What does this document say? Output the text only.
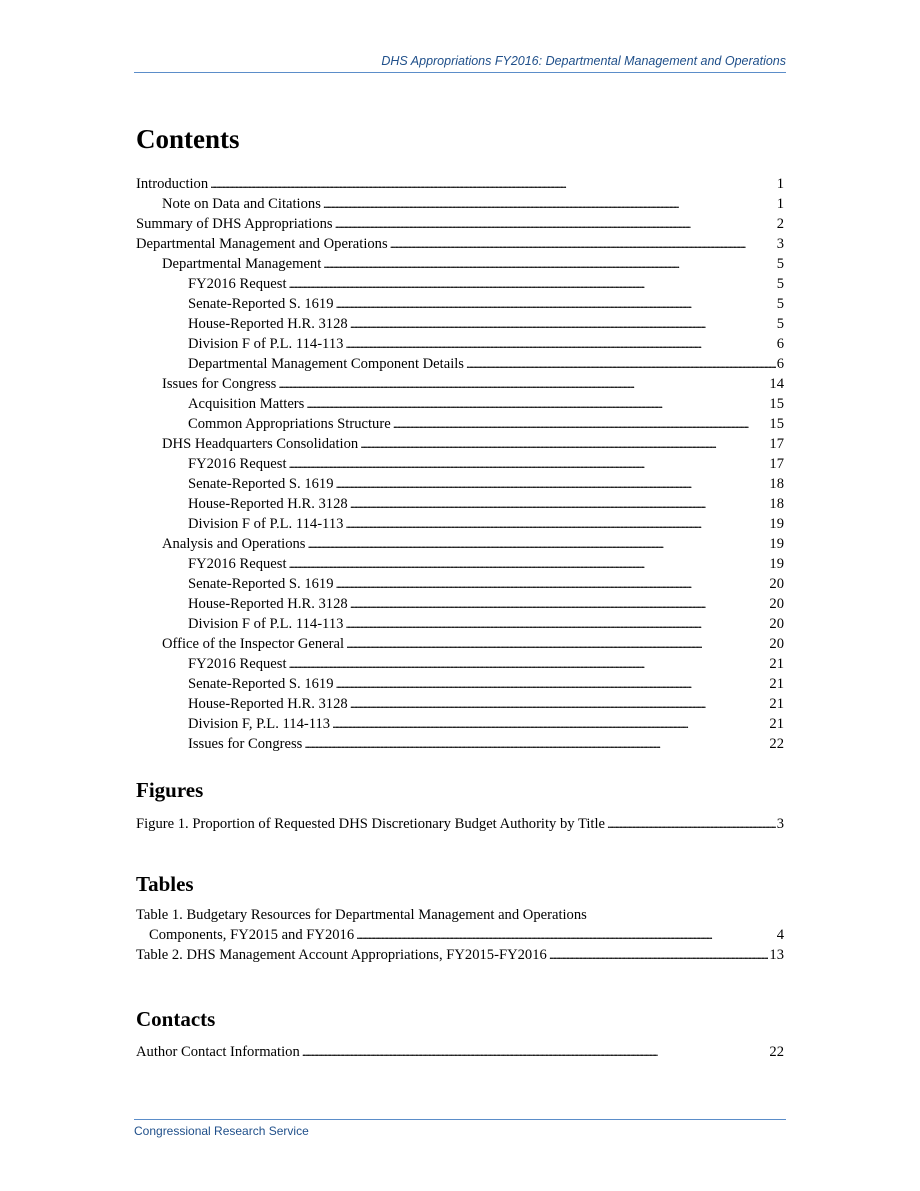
DHS Appropriations FY2016: Departmental Management and Operations
Contents
Introduction . . .	1
Note on Data and Citations . . .	1
Summary of DHS Appropriations . . .	2
Departmental Management and Operations . . .	3
Departmental Management . . .	5
FY2016 Request . . .	5
Senate-Reported S. 1619 . . .	5
House-Reported H.R. 3128 . . .	5
Division F of P.L. 114-113 . . .	6
Departmental Management Component Details . . .	6
Issues for Congress . . .	14
Acquisition Matters . . .	15
Common Appropriations Structure . . .	15
DHS Headquarters Consolidation . . .	17
FY2016 Request . . .	17
Senate-Reported S. 1619 . . .	18
House-Reported H.R. 3128 . . .	18
Division F of P.L. 114-113 . . .	19
Analysis and Operations . . .	19
FY2016 Request . . .	19
Senate-Reported S. 1619 . . .	20
House-Reported H.R. 3128 . . .	20
Division F of P.L. 114-113 . . .	20
Office of the Inspector General . . .	20
FY2016 Request . . .	21
Senate-Reported S. 1619 . . .	21
House-Reported H.R. 3128 . . .	21
Division F, P.L. 114-113 . . .	21
Issues for Congress . . .	22
Figures
Figure 1. Proportion of Requested DHS Discretionary Budget Authority by Title . . .	3
Tables
Table 1. Budgetary Resources for Departmental Management and Operations
Components, FY2015 and FY2016 . . .	4
Table 2. DHS Management Account Appropriations, FY2015-FY2016 . . .	13
Contacts
Author Contact Information . . .	22
Congressional Research Service
